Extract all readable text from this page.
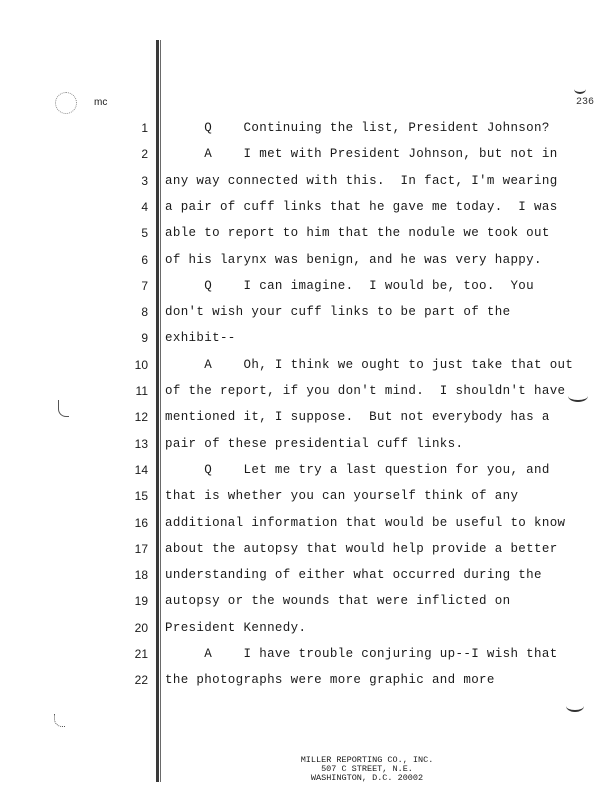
mc	236
1 Q    Continuing the list, President Johnson?
2 A    I met with President Johnson, but not in
3 any way connected with this.  In fact, I'm wearing
4 a pair of cuff links that he gave me today.  I was
5 able to report to him that the nodule we took out
6 of his larynx was benign, and he was very happy.
7 Q    I can imagine.  I would be, too.  You
8 don't wish your cuff links to be part of the
9 exhibit--
10 A    Oh, I think we ought to just take that out
11 of the report, if you don't mind.  I shouldn't have
12 mentioned it, I suppose.  But not everybody has a
13 pair of these presidential cuff links.
14 Q    Let me try a last question for you, and
15 that is whether you can yourself think of any
16 additional information that would be useful to know
17 about the autopsy that would help provide a better
18 understanding of either what occurred during the
19 autopsy or the wounds that were inflicted on
20 President Kennedy.
21 A    I have trouble conjuring up--I wish that
22 the photographs were more graphic and more
MILLER REPORTING CO., INC.
507 C STREET, N.E.
WASHINGTON, D.C. 20002
